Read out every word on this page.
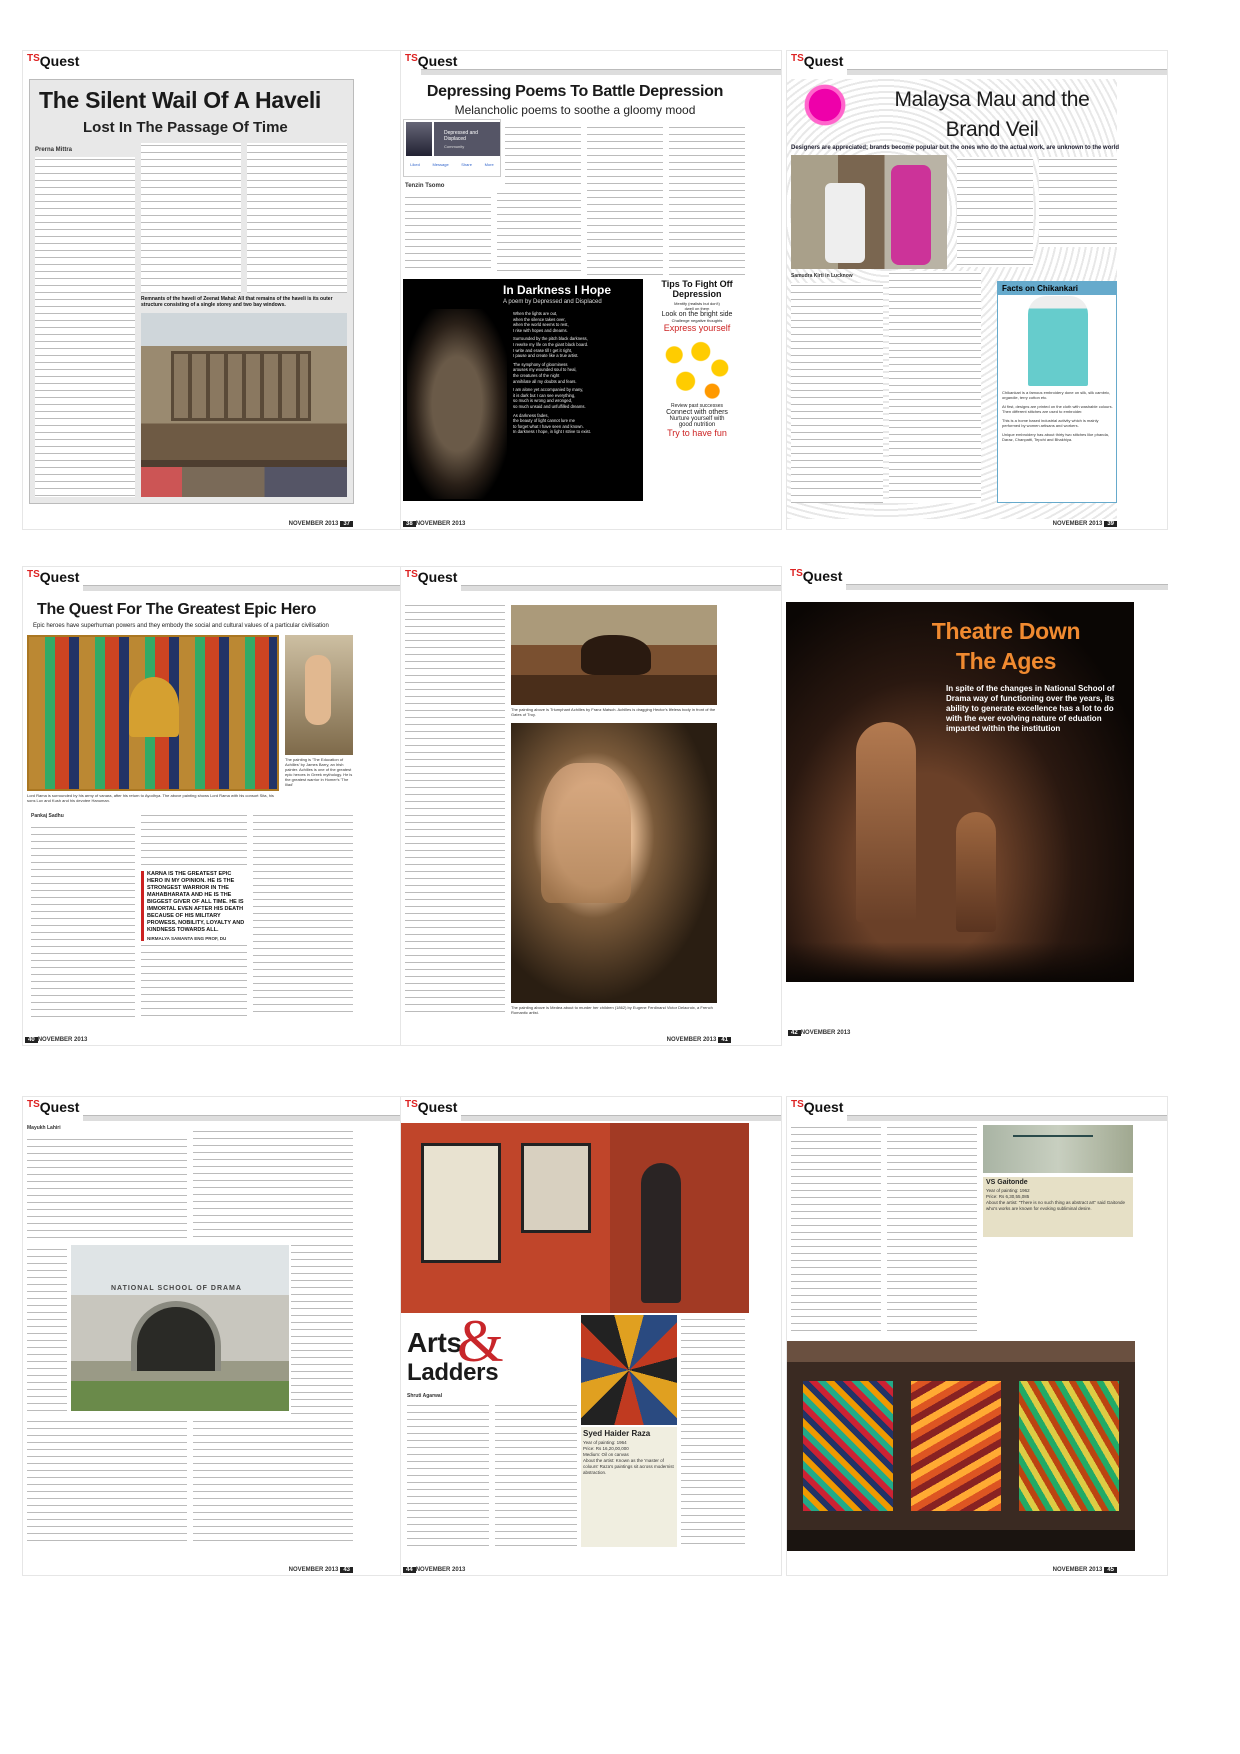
$^{TS}$Quest
The Silent Wail Of A Haveli
Lost In The Passage Of Time
Prerna Mittra
Remnants of the haveli of Zeenat Mahal: All that remains of the haveli is its outer structure consisting of a single storey and two bay windows.
NOVEMBER 2013 37
$^{TS}$Quest
Depressing Poems To Battle Depression
Melancholic poems to soothe a gloomy mood
Depressed and Displaced
Community
Liked	Message	Share	More
Tenzin Tsomo
In Darkness I Hope
A poem by Depressed and Displaced
When the lights are out,
when the silence takes over,
when the world seems to rest,
I rise with hopes and dreams.
Surrounded by the pitch black darkness,
I rewrite my life on the giant black board.
I write and erase till I get it right,
I pause and create like a true artist.
The symphony of gloominess
arouses my wounded soul to heal,
the creatures of the night
annihilate all my doubts and fears.
I am alone yet accompanied by many,
it is dark but I can see everything,
so much is wrong and wronged,
so much unsaid and unfulfilled dreams.
As darkness fades,
the beauty of light cannot lure me
to forget what I have seen and known.
In darkness I hope, in light I strive to exist.
Tips To Fight Off Depression
Mentify (realists but don't)
dwell on them
Look on the bright side
Challenge negative thoughts
Express yourself
Review past successes
Connect with others
Nurture yourself with
good nutrition
Try to have fun
38 NOVEMBER 2013
$^{TS}$Quest
Malaysa Mau and the Brand Veil
Designers are appreciated; brands become popular but the ones who do the actual work, are unknown to the world
Samudra Kirti in Lucknow
Facts on Chikankari
Chikankari is a famous embroidery done on silk, silk cambric, organdie, terry cotton etc.
At first, designs are printed on the cloth with washable colours. Then different stitches are used to embroider.
This is a home based industrial activity which is mainly performed by women artisans and workers.
Unique embroidery has about thirty two stitches like phanda, Daraz, Chanpatti, Tepchi and Bhakhiya.
NOVEMBER 2013 39
$^{TS}$Quest
The Quest For The Greatest Epic Hero
Epic heroes have superhuman powers and they embody the social and cultural values of a particular civilisation
The painting is 'The Education of Achilles' by James Barry, an Irish painter. Achilles is one of the greatest epic heroes in Greek mythology. He is the greatest warrior in Homer's 'The Iliad'
Lord Rama is surrounded by his army of vanara, after his return to Ayodhya. The above painting shows Lord Rama with his consort Sita, his sons Luv and Kush and his devotee Hanuman.
Pankaj Sadhu
KARNA IS THE GREATEST EPIC HERO IN MY OPINION. HE IS THE STRONGEST WARRIOR IN THE MAHABHARATA AND HE IS THE BIGGEST GIVER OF ALL TIME. HE IS IMMORTAL EVEN AFTER HIS DEATH BECAUSE OF HIS MILITARY PROWESS, NOBILITY, LOYALTY AND KINDNESS TOWARDS ALL.
NIRMALYA SAMANTA ENG PROF, DU
40 NOVEMBER 2013
$^{TS}$Quest
The painting above is Triumphant Achilles by Franz Matsch. Achilles is dragging Hector's lifeless body in front of the Gates of Troy.
The painting above is Medea about to murder her children (1862) by Eugene Ferdinand Victor Delacroix, a French Romantic artist.
NOVEMBER 2013 41
$^{TS}$Quest
Theatre Down The Ages
In spite of the changes in National School of Drama way of functioning over the years, its ability to generate excellence has a lot to do with the ever evolving nature of eduation imparted within the institution
42 NOVEMBER 2013
$^{TS}$Quest
Mayukh Lahiri
NATIONAL SCHOOL OF DRAMA
NOVEMBER 2013 43
$^{TS}$Quest
Arts
&
Ladders
Shruti Agarwal
Syed Haider Raza
Year of painting: 1964
Price: Rs 16,20,00,000
Medium: Oil on canvas
About the artist: Known as the 'master of colours' Raza's paintings sit across modernist abstraction.
44 NOVEMBER 2013
$^{TS}$Quest
VS Gaitonde
Year of painting: 1962
Price: Rs 6,30,55,085
About the artist: "There is no such thing as abstract art" said Gaitonde who's works are known for evoking subliminal desire.
NOVEMBER 2013 45
